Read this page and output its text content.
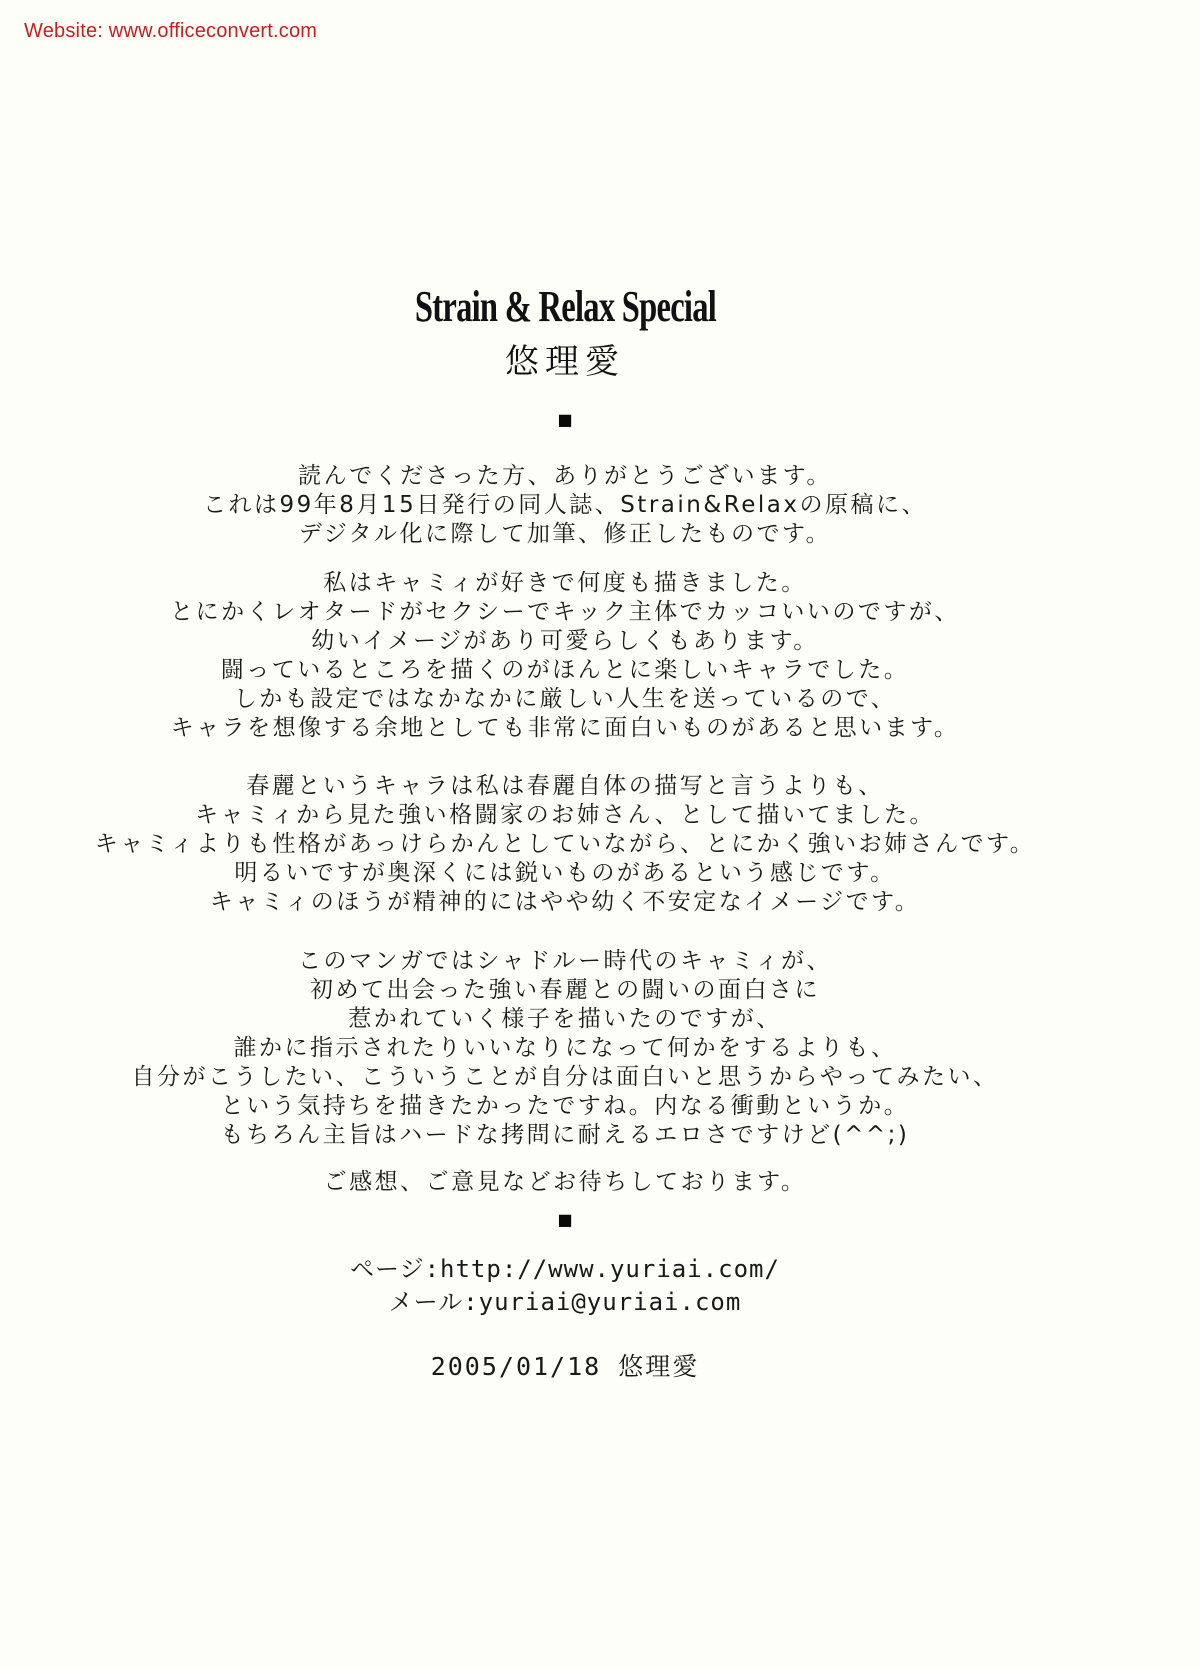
Website: www.officeconvert.com
Strain & Relax Special
悠理愛
■
読んでくださった方、ありがとうございます。
これは99年8月15日発行の同人誌、Strain&Relaxの原稿に、
デジタル化に際して加筆、修正したものです。
私はキャミィが好きで何度も描きました。
とにかくレオタードがセクシーでキック主体でカッコいいのですが、
幼いイメージがあり可愛らしくもあります。
闘っているところを描くのがほんとに楽しいキャラでした。
しかも設定ではなかなかに厳しい人生を送っているので、
キャラを想像する余地としても非常に面白いものがあると思います。
春麗というキャラは私は春麗自体の描写と言うよりも、
キャミィから見た強い格闘家のお姉さん、として描いてました。
キャミィよりも性格があっけらかんとしていながら、とにかく強いお姉さんです。
明るいですが奥深くには鋭いものがあるという感じです。
キャミィのほうが精神的にはやや幼く不安定なイメージです。
このマンガではシャドルー時代のキャミィが、
初めて出会った強い春麗との闘いの面白さに
惹かれていく様子を描いたのですが、
誰かに指示されたりいいなりになって何かをするよりも、
自分がこうしたい、こういうことが自分は面白いと思うからやってみたい、
という気持ちを描きたかったですね。内なる衝動というか。
もちろん主旨はハードな拷問に耐えるエロさですけど(^^;)
ご感想、ご意見などお待ちしております。
■
ページ:http://www.yuriai.com/
メール:yuriai@yuriai.com
2005/01/18 悠理愛
